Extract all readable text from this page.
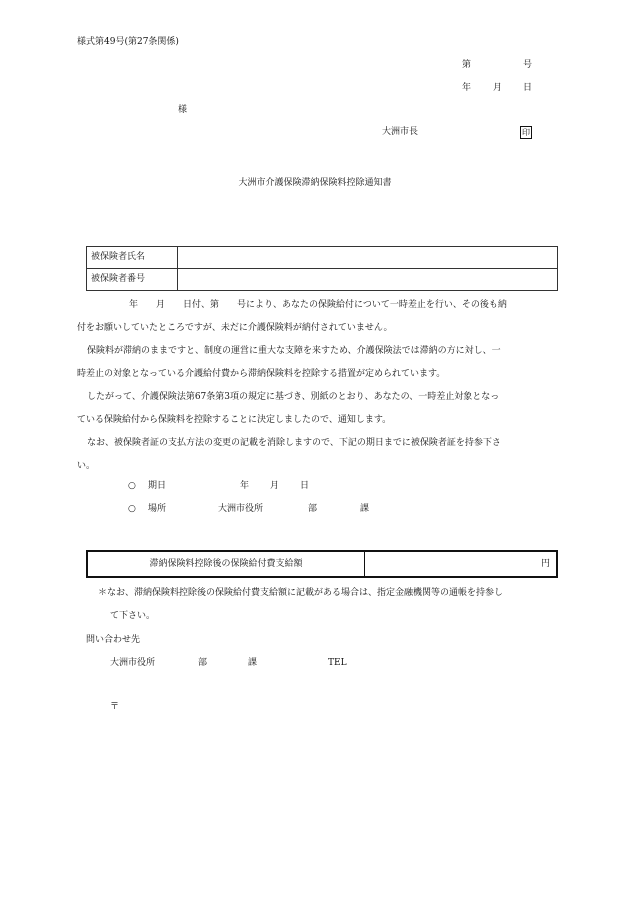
様式第49号(第27条関係)
第	号
年 月 日
様
大洲市長	印
大洲市介護保険滞納保険料控除通知書
被保険者氏名	
被保険者番号	
年　　月　　日付、第　　号により、あなたの保険給付について一時差止を行い、その後も納
付をお願いしていたところですが、未だに介護保険料が納付されていません。
保険料が滞納のままですと、制度の運営に重大な支障を来すため、介護保険法では滞納の方に対し、一
時差止の対象となっている介護給付費から滞納保険料を控除する措置が定められています。
したがって、介護保険法第67条第3項の規定に基づき、別紙のとおり、あなたの、一時差止対象となっ
ている保険給付から保険料を控除することに決定しましたので、通知します。
なお、被保険者証の支払方法の変更の記載を消除しますので、下記の期日までに被保険者証を持参下さ
い。
○ 期日	年 月 日
○ 場所	大洲市役所	部	課
滞納保険料控除後の保険給付費支給額	円
＊なお、滞納保険料控除後の保険給付費支給額に記載がある場合は、指定金融機関等の通帳を持参し
て下さい。
問い合わせ先
大洲市役所	部	課	TEL
〒
